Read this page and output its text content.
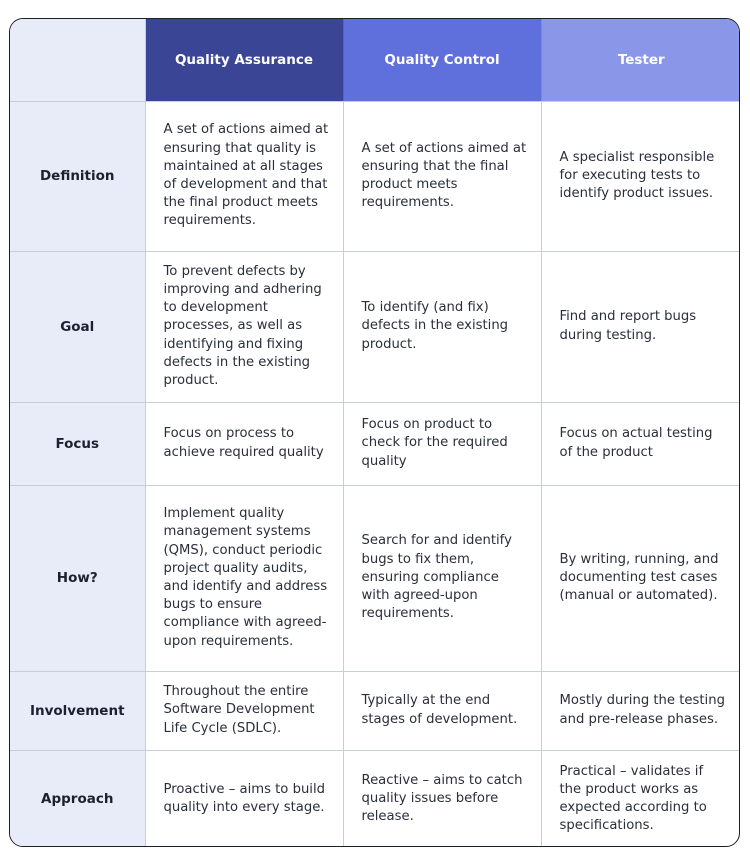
	Quality Assurance	Quality Control	Tester
Definition	A set of actions aimed at ensuring that quality is maintained at all stages of development and that the final product meets requirements.	A set of actions aimed at ensuring that the final product meets requirements.	A specialist responsible for executing tests to identify product issues.
Goal	To prevent defects by improving and adhering to development processes, as well as identifying and fixing defects in the existing product.	To identify (and fix) defects in the existing product.	Find and report bugs during testing.
Focus	Focus on process to achieve required quality	Focus on product to check for the required quality	Focus on actual testing of the product
How?	Implement quality management systems (QMS), conduct periodic project quality audits, and identify and address bugs to ensure compliance with agreed-upon requirements.	Search for and identify bugs to fix them, ensuring compliance with agreed-upon requirements.	By writing, running, and documenting test cases (manual or automated).
Involvement	Throughout the entire Software Development Life Cycle (SDLC).	Typically at the end stages of development.	Mostly during the testing and pre-release phases.
Approach	Proactive – aims to build quality into every stage.	Reactive – aims to catch quality issues before release.	Practical – validates if the product works as expected according to specifications.
